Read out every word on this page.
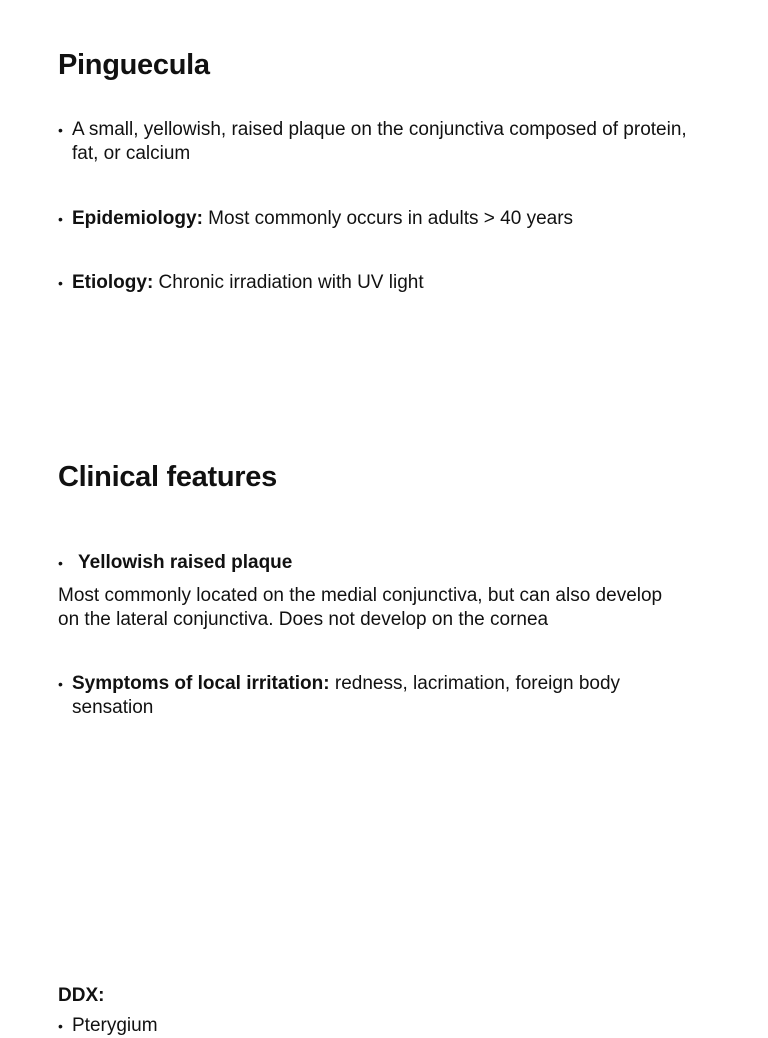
Pinguecula
• A small, yellowish, raised plaque on the conjunctiva composed of protein, fat, or calcium
• Epidemiology: Most commonly occurs in adults > 40 years
• Etiology: Chronic irradiation with UV light
Clinical features
• Yellowish raised plaque
Most commonly located on the medial conjunctiva, but can also develop on the lateral conjunctiva. Does not develop on the cornea
• Symptoms of local irritation: redness, lacrimation, foreign body sensation
DDX:
• Pterygium
